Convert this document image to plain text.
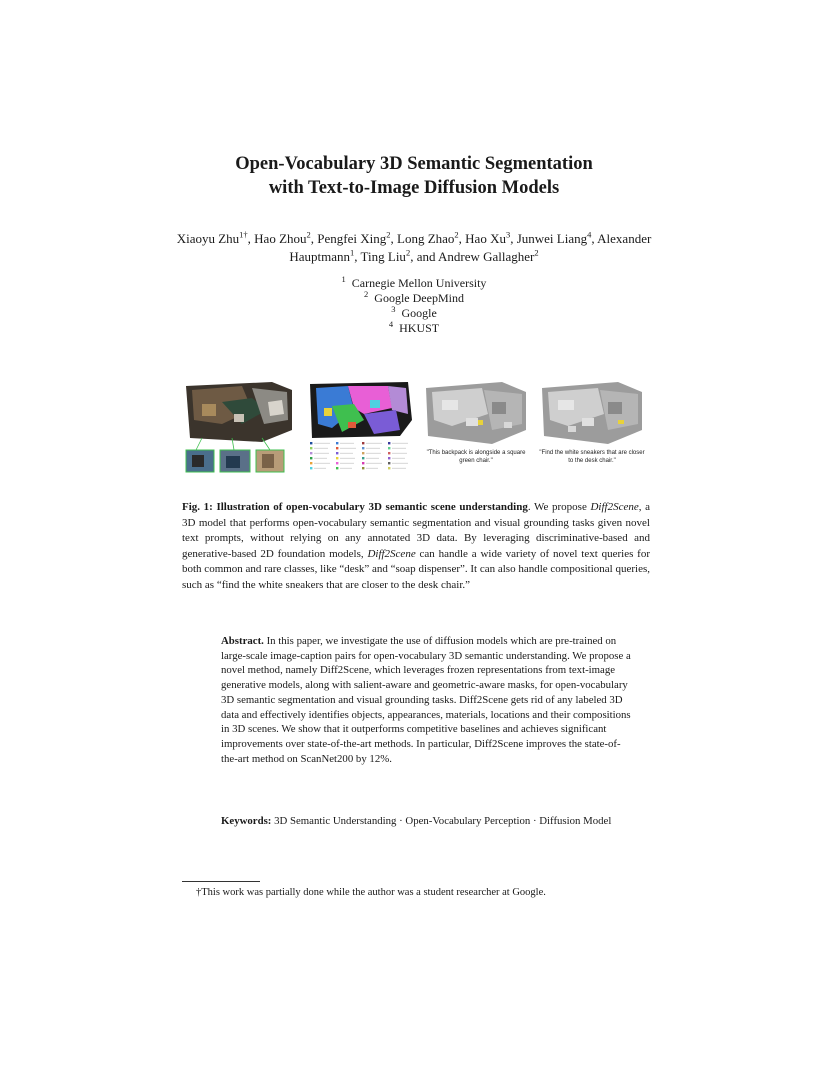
Open-Vocabulary 3D Semantic Segmentation
with Text-to-Image Diffusion Models
Xiaoyu Zhu$^{1\dagger}$, Hao Zhou$^2$, Pengfei Xing$^2$, Long Zhao$^2$, Hao Xu$^3$, Junwei Liang$^4$, Alexander Hauptmann$^1$, Ting Liu$^2$, and Andrew Gallagher$^2$
$^1$  Carnegie Mellon University
$^2$  Google DeepMind
$^3$  Google
$^4$  HKUST
"This backpack is alongside a square green chair."
"Find the white sneakers that are closer to the desk chair."
Fig. 1: Illustration of open-vocabulary 3D semantic scene understanding. We propose Diff2Scene, a 3D model that performs open-vocabulary semantic segmentation and visual grounding tasks given novel text prompts, without relying on any annotated 3D data. By leveraging discriminative-based and generative-based 2D foundation models, Diff2Scene can handle a wide variety of novel text queries for both common and rare classes, like “desk” and “soap dispenser”. It can also handle compositional queries, such as “find the white sneakers that are closer to the desk chair.”
Abstract. In this paper, we investigate the use of diffusion models which are pre-trained on large-scale image-caption pairs for open-vocabulary 3D semantic understanding. We propose a novel method, namely Diff2Scene, which leverages frozen representations from text-image generative models, along with salient-aware and geometric-aware masks, for open-vocabulary 3D semantic segmentation and visual grounding tasks. Diff2Scene gets rid of any labeled 3D data and effectively identifies objects, appearances, materials, locations and their compositions in 3D scenes. We show that it outperforms competitive baselines and achieves significant improvements over state-of-the-art methods. In particular, Diff2Scene improves the state-of-the-art method on ScanNet200 by 12%.
Keywords: 3D Semantic Understanding · Open-Vocabulary Perception · Diffusion Model
†This work was partially done while the author was a student researcher at Google.
